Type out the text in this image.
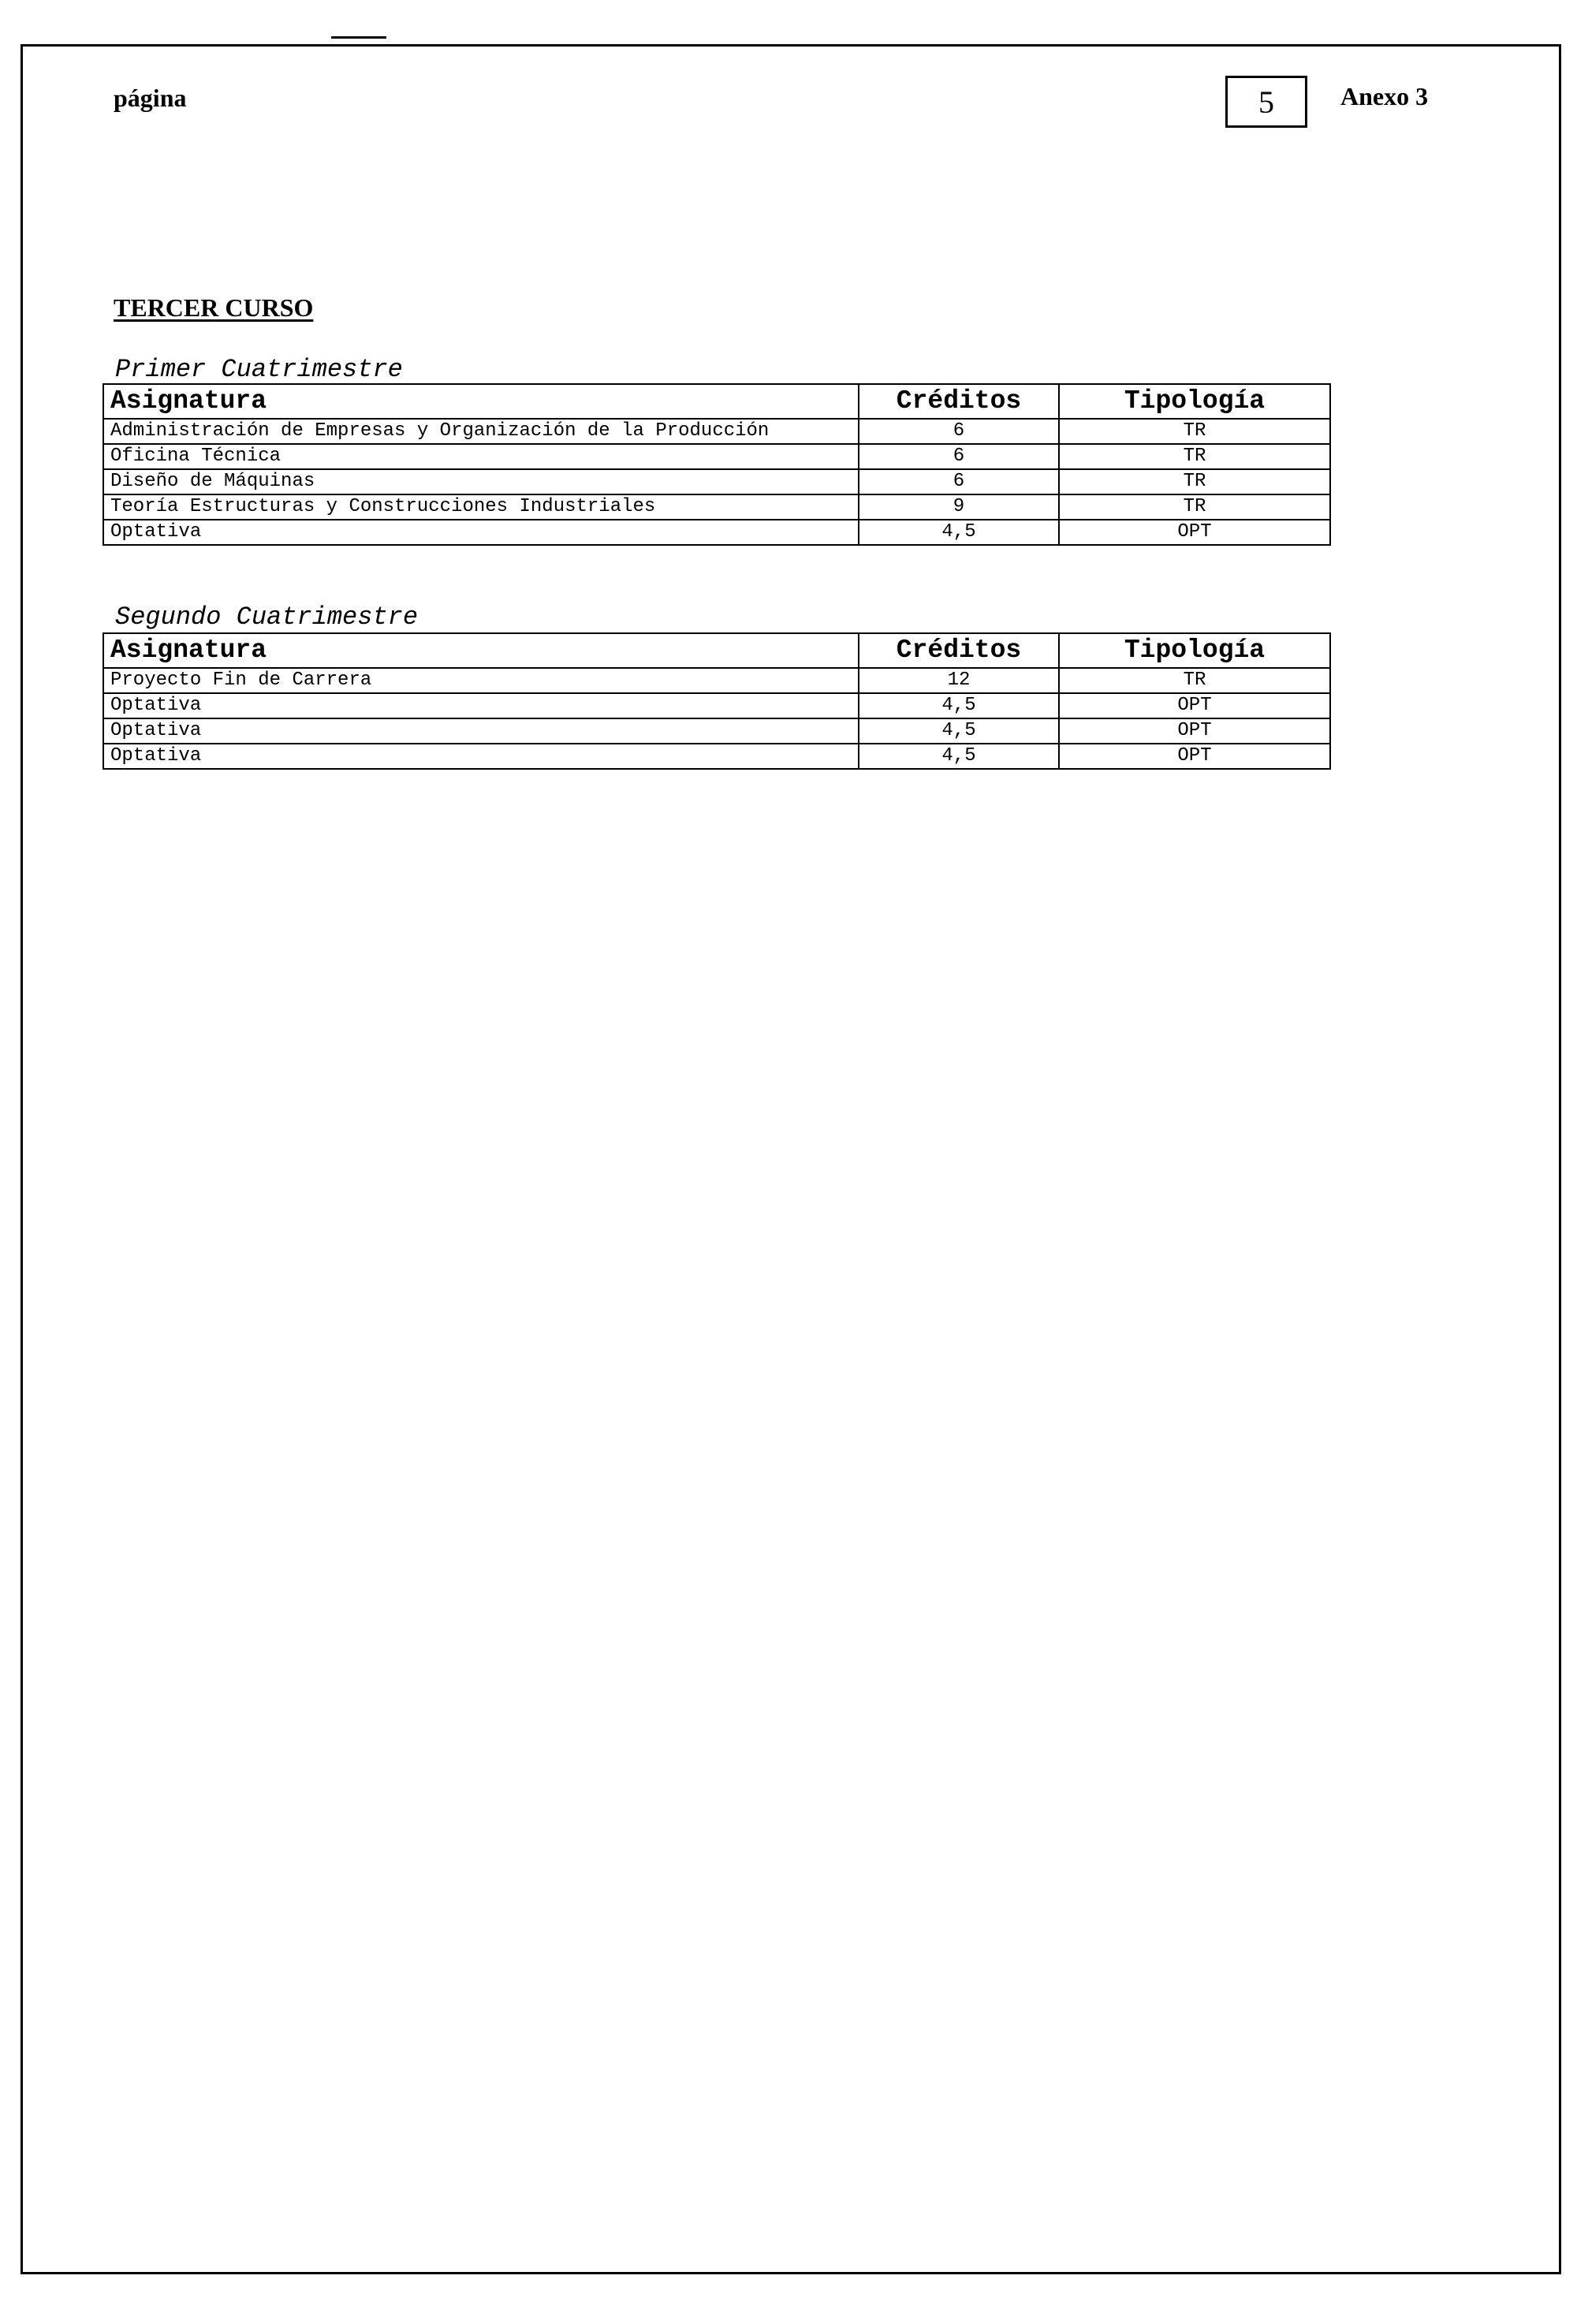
página	5	Anexo 3
TERCER CURSO
Primer Cuatrimestre
Asignatura	Créditos	Tipología
Administración de Empresas y Organización de la Producción	6	TR
Oficina Técnica	6	TR
Diseño de Máquinas	6	TR
Teoría Estructuras y Construcciones Industriales	9	TR
Optativa	4,5	OPT
Segundo Cuatrimestre
Asignatura	Créditos	Tipología
Proyecto Fin de Carrera	12	TR
Optativa	4,5	OPT
Optativa	4,5	OPT
Optativa	4,5	OPT
